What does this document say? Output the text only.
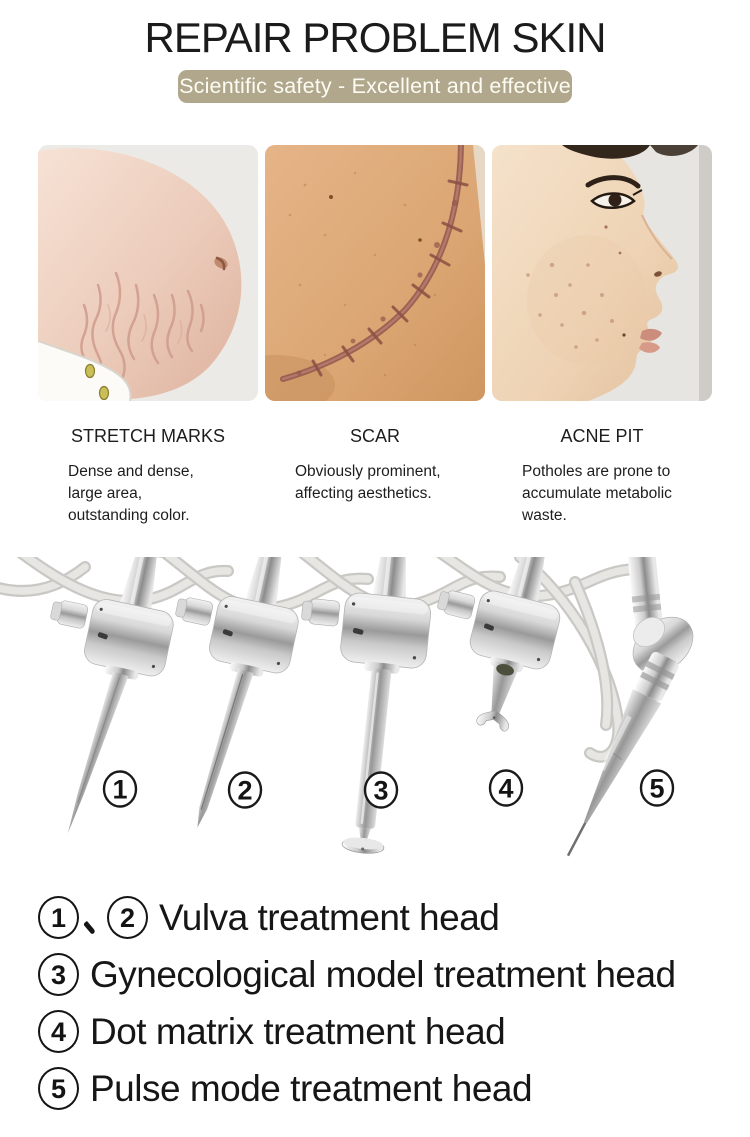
REPAIR PROBLEM SKIN
Scientific safety - Excellent and effective
STRETCH MARKS
Dense and dense,
large area,
outstanding color.
SCAR
Obviously prominent,
affecting aesthetics.
ACNE PIT
Potholes are prone to
accumulate metabolic
waste.
1	2	3	4	5
1	2 Vulva treatment head
3 Gynecological model treatment head
4 Dot matrix treatment head
5 Pulse mode treatment head
